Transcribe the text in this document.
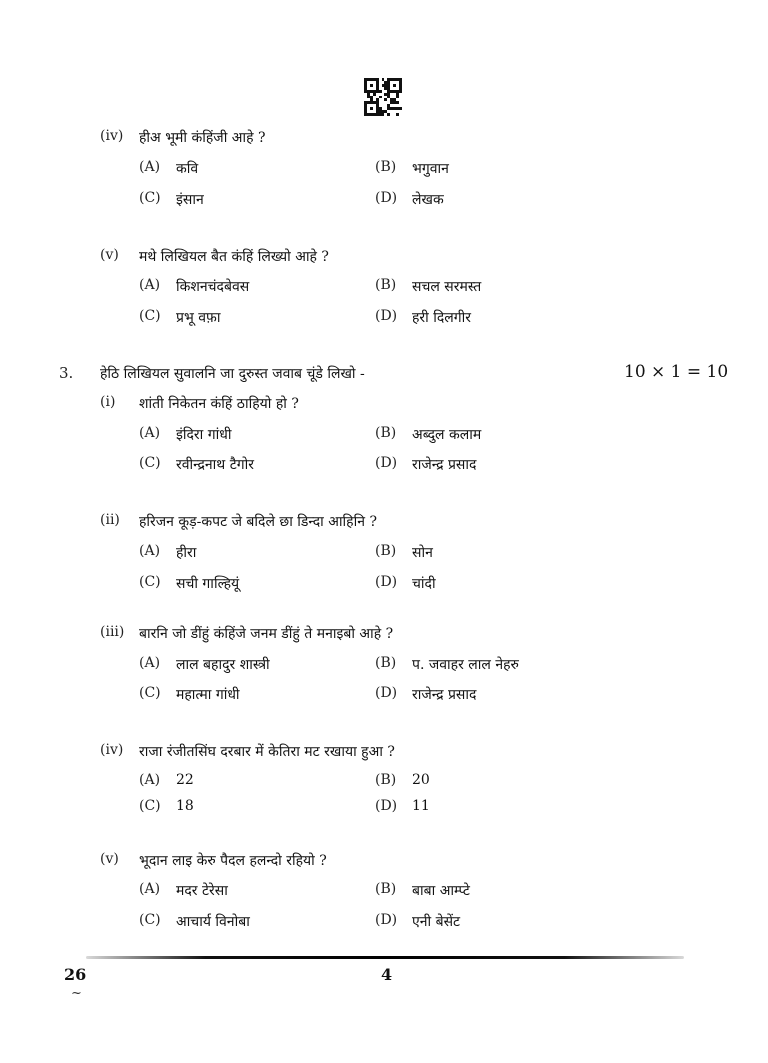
(iv) हीअ भूमी कंहिंजी आहे ?
(A) कवि	(B) भगुवान
(C) इंसान	(D) लेखक
(v) मथे लिखियल बैत कंहिं लिख्यो आहे ?
(A) किशनचंदबेवस	(B) सचल सरमस्त
(C) प्रभू वफ़ा	(D) हरी दिलगीर
3. हेठि लिखियल सुवालनि जा दुरुस्त जवाब चूंडे लिखो -	10 × 1 = 10
(i) शांती निकेतन कंहिं ठाहियो हो ?
(A) इंदिरा गांधी	(B) अब्दुल कलाम
(C) रवीन्द्रनाथ टैगोर	(D) राजेन्द्र प्रसाद
(ii) हरिजन कूड़-कपट जे बदिले छा डिन्दा आहिनि ?
(A) हीरा	(B) सोन
(C) सची गाल्हियूं	(D) चांदी
(iii) बारनि जो डींहुं कंहिंजे जनम डींहुं ते मनाइबो आहे ?
(A) लाल बहादुर शास्त्री	(B) प. जवाहर लाल नेहरु
(C) महात्मा गांधी	(D) राजेन्द्र प्रसाद
(iv) राजा रंजीतसिंघ दरबार में केतिरा मट रखाया हुआ ?
(A) 22	(B) 20
(C) 18	(D) 11
(v) भूदान लाइ केरु पैदल हलन्दो रहियो ?
(A) मदर टेरेसा	(B) बाबा आम्प्टे
(C) आचार्य विनोबा	(D) एनी बेसेंट
26	4
~
